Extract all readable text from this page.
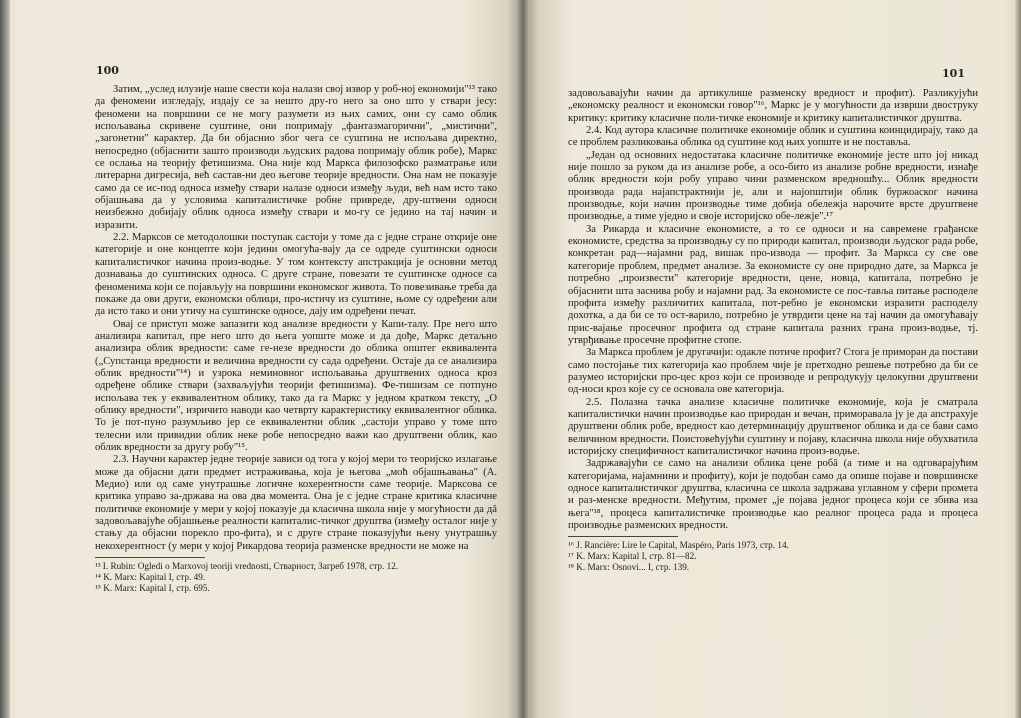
100

Затим, „услед илузије наше свести која налази свој извор у роб-ној економији"¹³ тако да феномени изгледају, издају се за нешто дру-го него за оно што у ствари јесу: феномени на површини се не могу разумети из њих самих, они су само облик испољавања скривене суштине, они попримају „фантазмагорични", „мистични", „загонетни" карактер. Да би објаснио због чега се суштина не испољава директно, непосредно (објаснити зашто производи људских радова попримају облик робе), Маркс се ослања на теорију фетишизма. Она није код Маркса филозофско разматрање или литерарна дигресија, већ састав-ни део његове теорије вредности. Она нам не показује само да се ис-под односа између ствари налазе односи између људи, већ нам исто тако објашњава да у условима капиталистичке робне привреде, дру-штвени односи неизбежно добијају облик односа између ствари и мо-гу се једино на тај начин и изразити.

2.2. Марксов се методолошки поступак састоји у томе да с једне стране открије оне категорије и оне концепте који једини омогућа-вају да се одреде суштински односи капиталистичког начина произ-водње. У том контексту апстракција је основни метод дознавања до суштинских односа. С друге стране, повезати те суштинске односе са феноменима који се појављују на површини економског живота. То повезивање треба да покаже да ови други, економски облици, про-истичу из суштине, њоме су одређени али да исто тако и они утичу на суштинске односе, дају им одређени печат.

Овај се приступ може запазити код анализе вредности у Капи-талу. Пре него што анализира капитал, пре него што до њега уопште може и да дође, Маркс детаљно анализира облик вредности: саме ге-незе вредности до облика општег еквивалента („Супстанца вредности и величина вредности су сада одређени. Остаје да се анализира облик вредности"¹⁴) и узрока неминовног испољавања друштвених односа кроз одређене облике ствари (захваљујући теорији фетишизма). Фе-тишизам се потпуно испољава тек у еквивалентном облику, тако да га Маркс у једном кратком тексту, „О облику вредности", изричито наводи као четврту карактеристику еквивалентног облика. То је пот-пуно разумљиво јер се еквивалентни облик „састоји управо у томе што телесни или привидни облик неке робе непосредно важи као друштвени облик, као облик вредности за другу робу"¹⁵.

2.3. Научни карактер једне теорије зависи од тога у којој мери то теоријско излагање може да објасни дати предмет истраживања, која је његова „моћ објашњавања" (А. Медио) или од саме унутрашње логичне кохерентности саме теорије. Марксова се критика управо за-држава на ова два момента. Она је с једне стране критика класичне политичке економије у мери у којој показује да класична школа није у могућности да дâ задовољавајуће објашњење реалности капиталис-тичког друштва (између осталог није у стању да објасни порекло про-фита), и с друге стране показујући њену унутрашњу некохерентност (у мери у којој Рикардова теорија разменске вредности не може на

¹³ I. Rubin: Ogledi o Marxovoj teoriji vrednosti, Стварност, Загреб 1978, стр. 12.

¹⁴ K. Marx: Kapital I, стр. 49.

¹⁵ K. Marx: Kapital I, стр. 695.

101

задовољавајући начин да артикулише разменску вредност и профит). Разликујући „економску реалност и економски говор"¹⁶, Маркс је у могућности да изврши двоструку критику: критику класичне поли-тичке економије и критику капиталистичког друштва.

2.4. Код аутора класичне политичке економије облик и суштина коинцидирају, тако да се проблем разликовања облика од суштине код њих уопште и не поставља.

„Један од основних недостатака класичне политичке економије јесте што јој никад није пошло за руком да из анализе робе, а осо-бито из анализе робне вредности, изнађе облик вредности који робу управо чини разменском вредношћу... Облик вредности производа рада најапстрактнији је, али и најопштији облик буржоаског начина производње, који начин производње тиме добија обележја нарочите врсте друштвене производње, а тиме уједно и своје историјско обе-лежје".¹⁷

За Рикарда и класичне економисте, а то се односи и на савремене грађанске економисте, средства за производњу су по природи капитал, производи људског рада робе, конкретан рад—најамни рад, вишак про-извода — профит. За Маркса су све ове категорије проблем, предмет анализе. За економисте су оне природно дате, за Маркса је потребно „произвести" категорије вредности, цене, новца, капитала, потребно је објаснити шта заснива робу и најамни рад. За економисте се пос-тавља питање расподеле профита између различитих капитала, пот-ребно је економски изразити расподелу дохотка, а да би се то ост-варило, потребно је утврдити цене на тај начин да омогућавају прис-вајање просечног профита од стране капитала разних грана произ-водње, тј. утврђивање просечне профитне стопе.

За Маркса проблем је другачији: одакле потиче профит? Стога је приморан да постави само постојање тих категорија као проблем чије је претходно решење потребно да би се разумео историјски про-цес кроз који се производе и репродукују целокупни друштвени од-носи кроз које су се основала ове категорија.

2.5. Полазна тачка анализе класичне политичке економије, која је сматрала капиталистички начин производње као природан и вечан, приморавала ју је да апстрахује друштвени облик робе, вредност као детерминацију друштвеног облика и да се бави само величином вредности. Поистовећујући суштину и појаву, класична школа није обухватила историјску специфичност капиталистичког начина произ-водње.

Задржавајући се само на анализи облика цене робâ (а тиме и на одговарајућим категоријама, најамнини и профиту), који је подобан само да опише појаве и површинске односе капиталистичког друштва, класична се школа задржава углавном у сфери промета и раз-менске вредности. Међутим, промет „је појава једног процеса који се збива иза њега"¹⁸, процеса капиталистичке производње као реалног процеса рада и процеса производње разменских вредности.

¹⁶ J. Rancière: Lire le Capital, Maspéro, Paris 1973, стр. 14.

¹⁷ K. Marx: Kapital I, стр. 81—82.

¹⁸ K. Marx: Osnovi... I, стр. 139.
